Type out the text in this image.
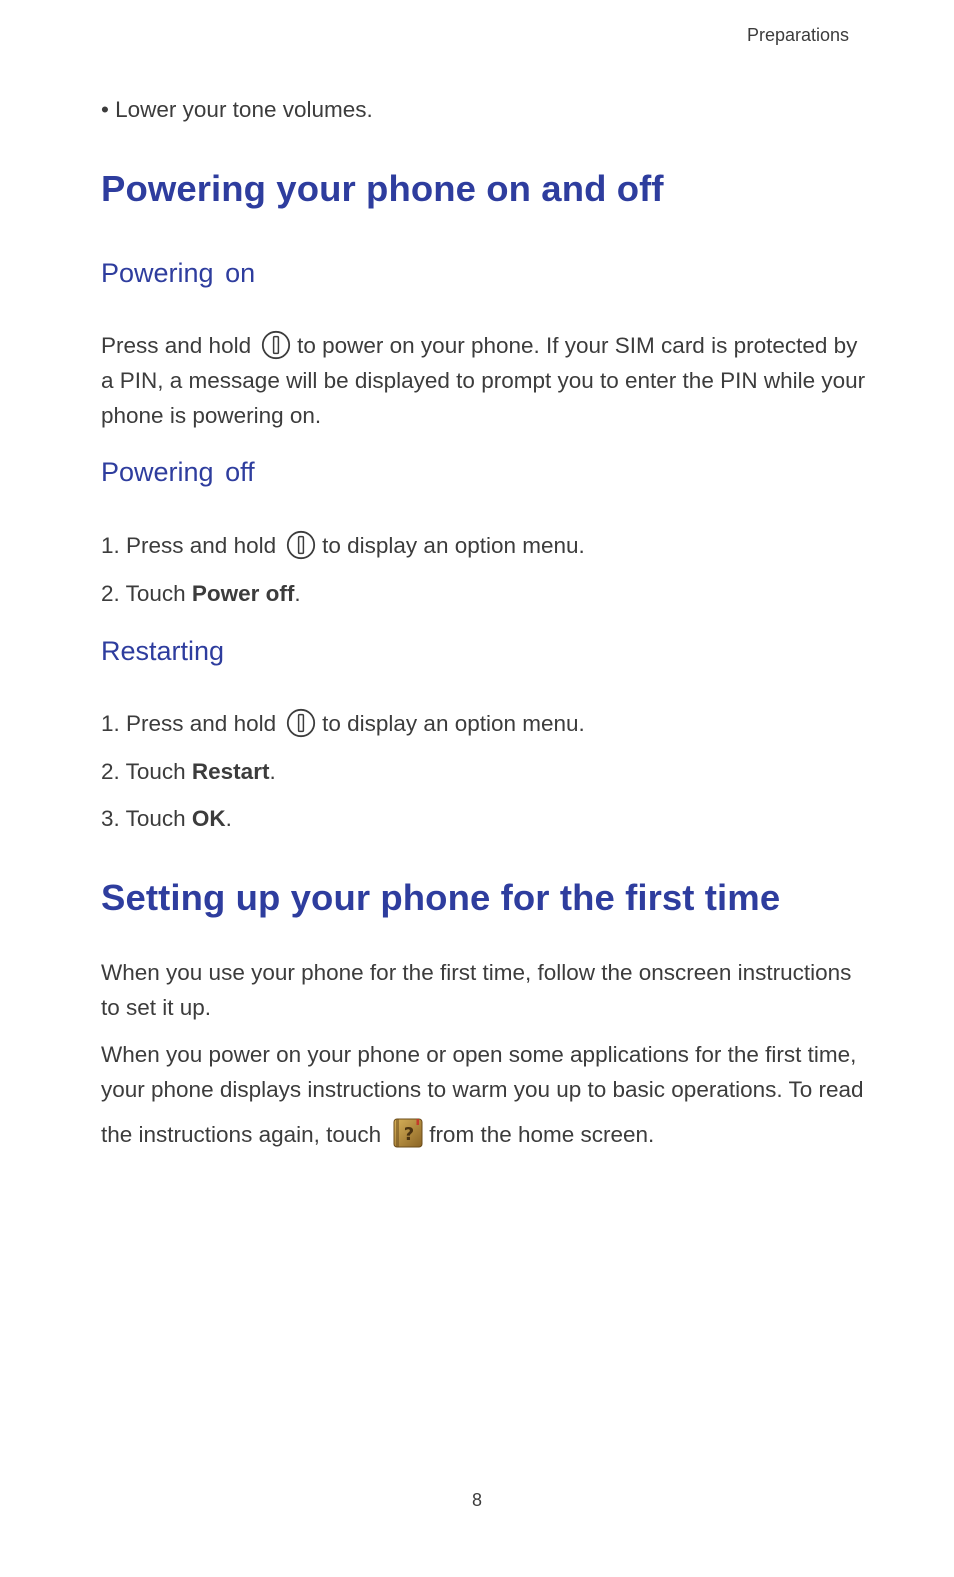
Preparations
• Lower your tone volumes.
Powering your phone on and off
Powering on
Press and hold to power on your phone. If your SIM card is protected by
a PIN, a message will be displayed to prompt you to enter the PIN while your
phone is powering on.
Powering off
1. Press and hold to display an option menu.
2. Touch Power off.
Restarting
1. Press and hold to display an option menu.
2. Touch Restart.
3. Touch OK.
Setting up your phone for the first time
When you use your phone for the first time, follow the onscreen instructions
to set it up.
When you power on your phone or open some applications for the first time,
your phone displays instructions to warm you up to basic operations. To read
the instructions again, touch ? from the home screen.
8
